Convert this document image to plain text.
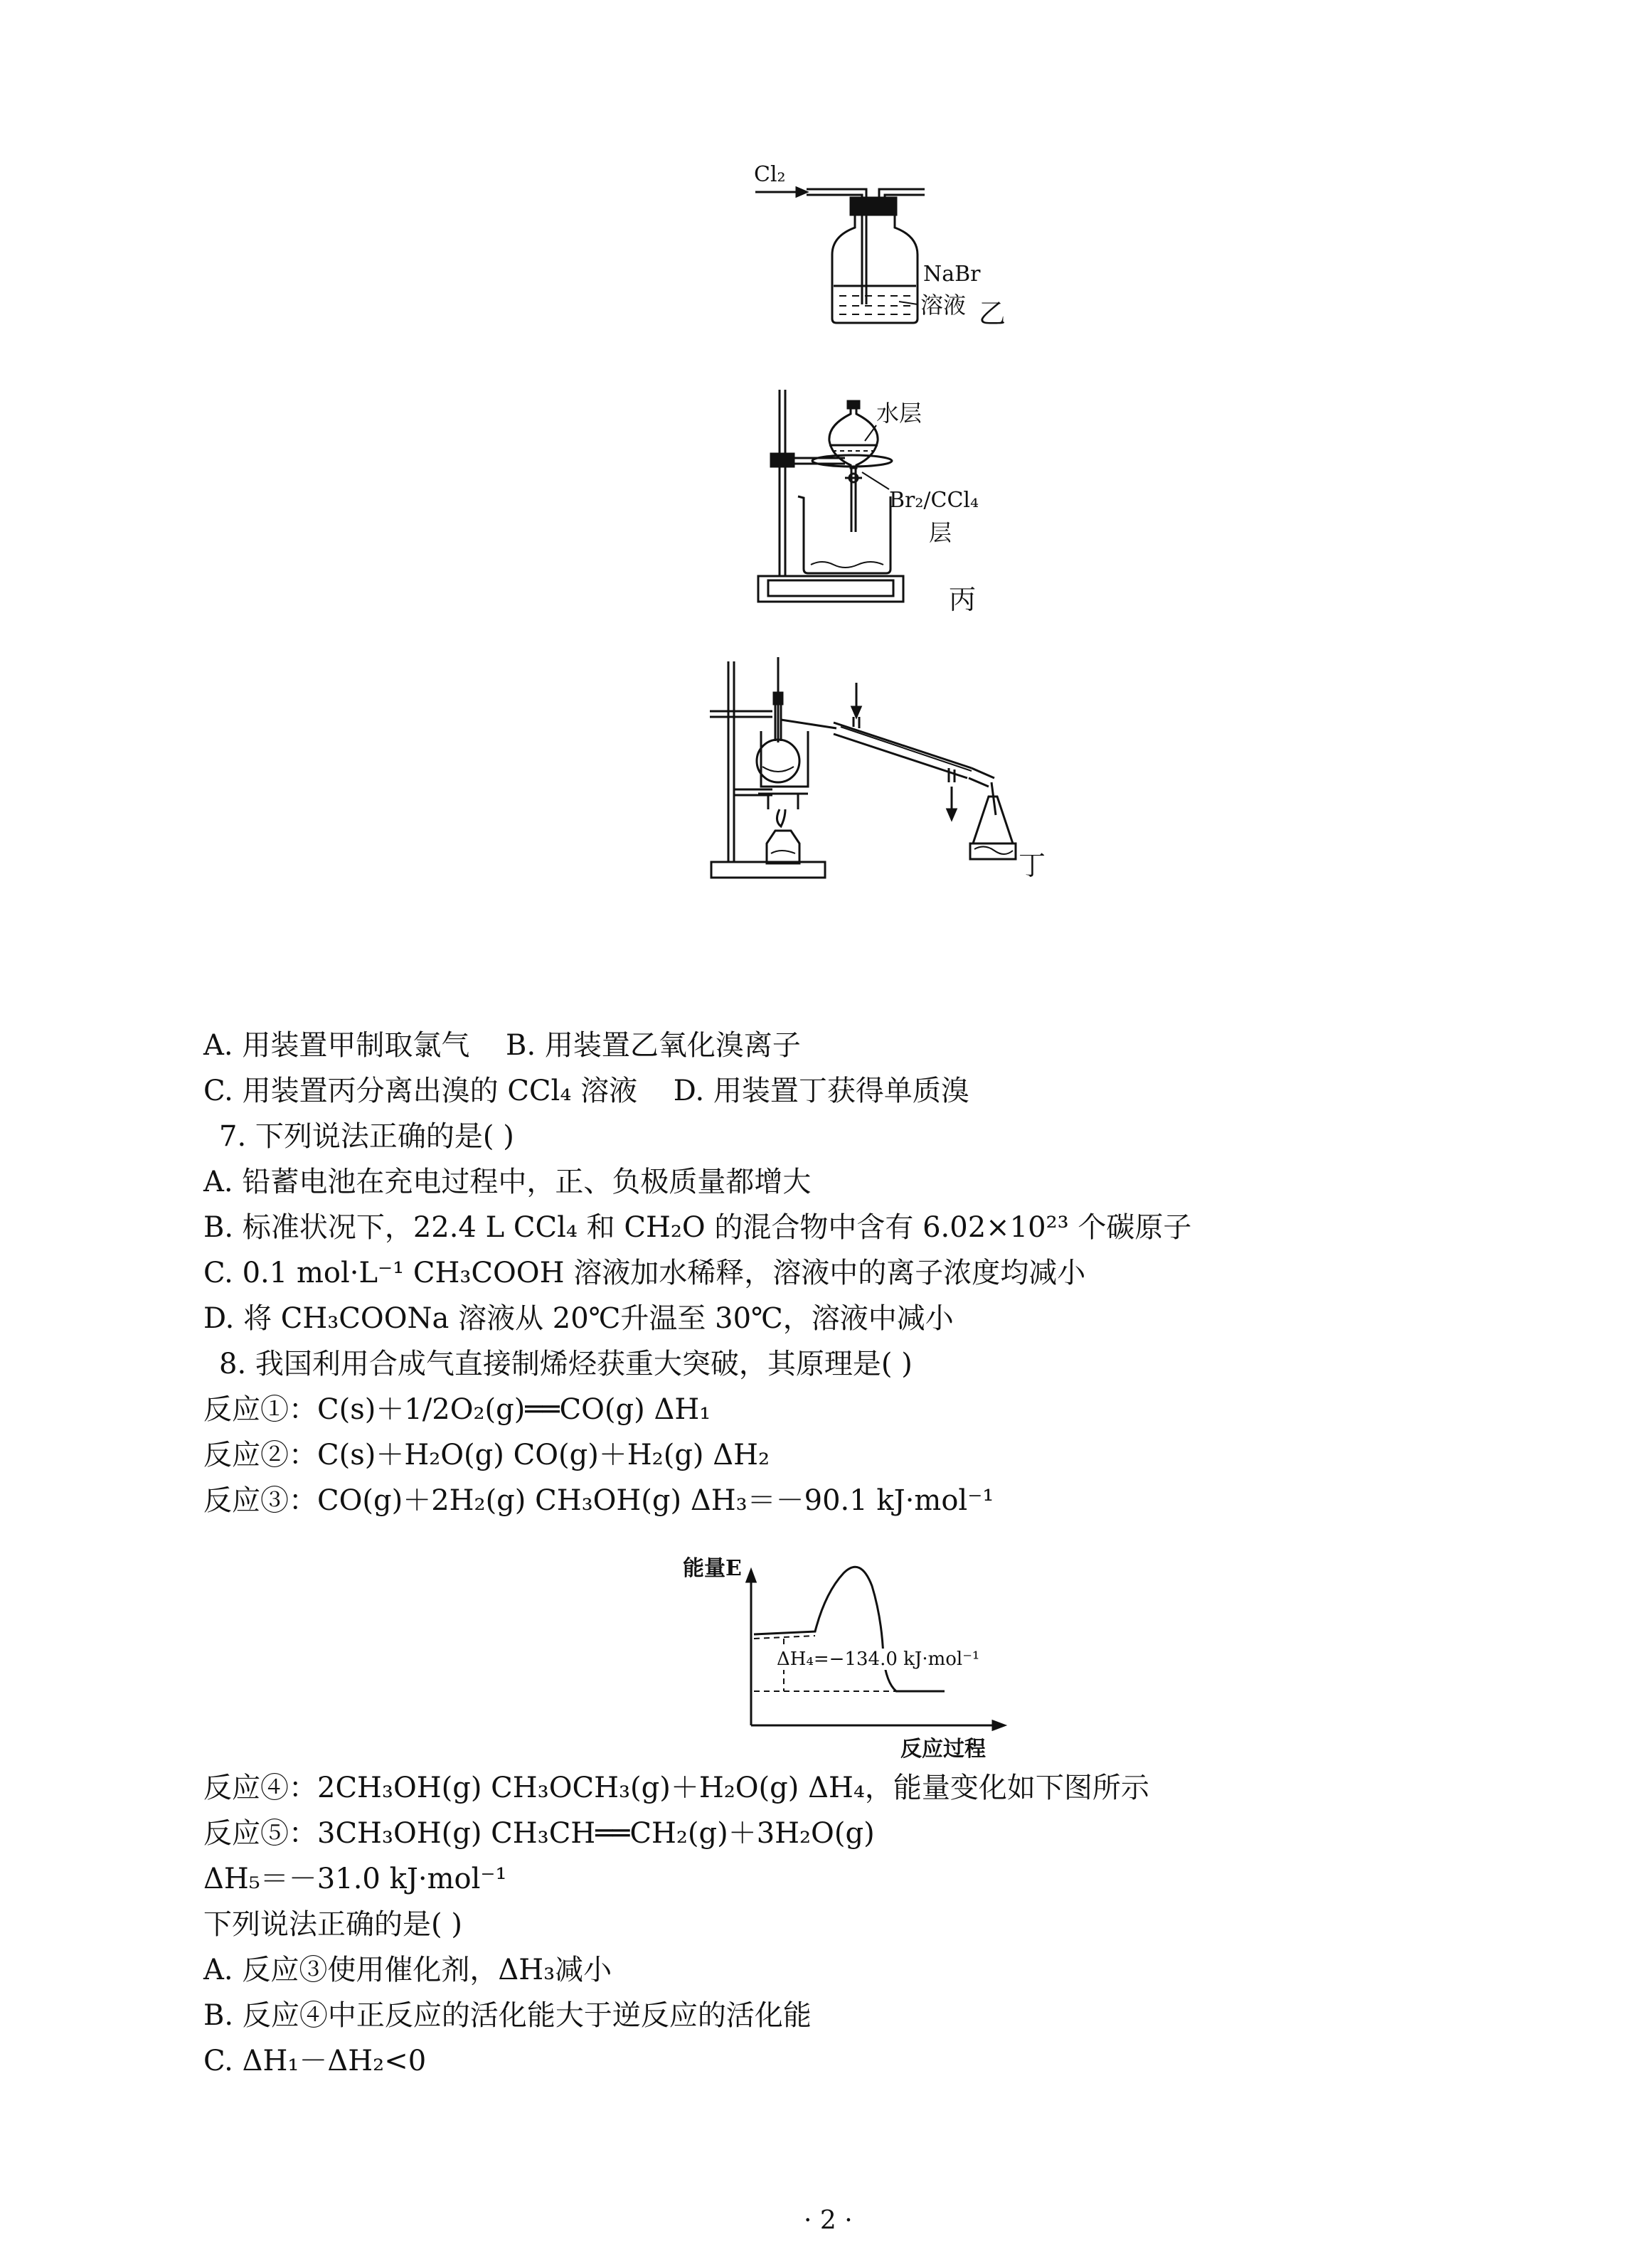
Cl₂
NaBr
溶液 乙
水层
Br₂/CCl₄
层
丙
丁
A. 用装置甲制取氯气 B. 用装置乙氧化溴离子
C. 用装置丙分离出溴的 CCl₄ 溶液 D. 用装置丁获得单质溴
7. 下列说法正确的是( )
A. 铅蓄电池在充电过程中，正、负极质量都增大
B. 标准状况下，22.4 L CCl₄ 和 CH₂O 的混合物中含有 6.02×10²³ 个碳原子
C. 0.1 mol·L⁻¹ CH₃COOH 溶液加水稀释，溶液中的离子浓度均减小
D. 将 CH₃COONa 溶液从 20℃升温至 30℃，溶液中减小
8. 我国利用合成气直接制烯烃获重大突破，其原理是( )
反应①：C(s)＋1/2O₂(g)══CO(g) ΔH₁
反应②：C(s)＋H₂O(g) CO(g)＋H₂(g) ΔH₂
反应③：CO(g)＋2H₂(g) CH₃OH(g) ΔH₃＝－90.1 kJ·mol⁻¹
能量E
ΔH₄=−134.0 kJ·mol⁻¹
反应过程
反应④：2CH₃OH(g) CH₃OCH₃(g)＋H₂O(g) ΔH₄，能量变化如下图所示
反应⑤：3CH₃OH(g) CH₃CH══CH₂(g)＋3H₂O(g)
ΔH₅＝－31.0 kJ·mol⁻¹
下列说法正确的是( )
A. 反应③使用催化剂，ΔH₃减小
B. 反应④中正反应的活化能大于逆反应的活化能
C. ΔH₁－ΔH₂<0
· 2 ·
